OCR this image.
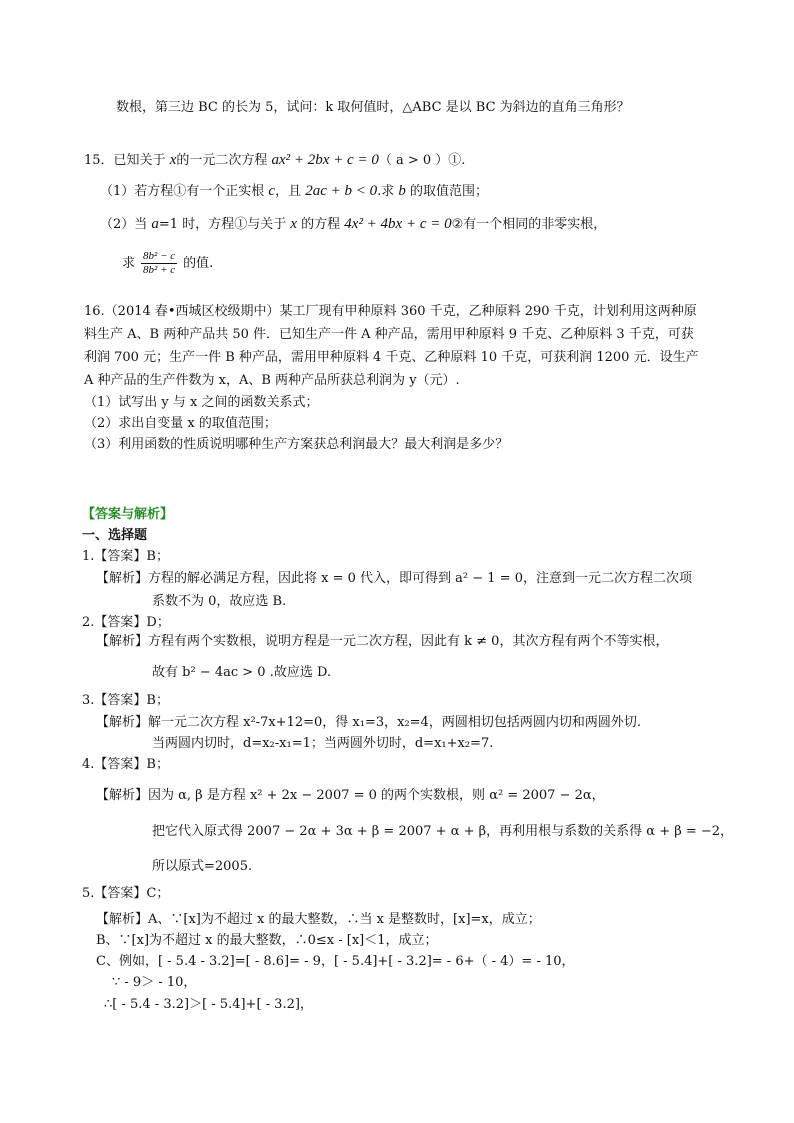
数根，第三边 BC 的长为 5，试问：k 取何值时，△ABC 是以 BC 为斜边的直角三角形？
15．已知关于 x的一元二次方程 ax² + 2bx + c = 0（ a > 0 ）①.
（1）若方程①有一个正实根 c，且 2ac + b < 0.求 b 的取值范围；
（2）当 a=1 时，方程①与关于 x 的方程 4x² + 4bx + c = 0②有一个相同的非零实根，
求 $\frac{\text{8b² − c}}{\text{8b² + c}}$ 的值.
16.（2014 春•西城区校级期中）某工厂现有甲种原料 360 千克，乙种原料 290 千克，计划利用这两种原
料生产 A、B 两种产品共 50 件．已知生产一件 A 种产品，需用甲种原料 9 千克、乙种原料 3 千克，可获
利润 700 元；生产一件 B 种产品，需用甲种原料 4 千克、乙种原料 10 千克，可获利润 1200 元．设生产
A 种产品的生产件数为 x，A、B 两种产品所获总利润为 y（元）.
（1）试写出 y 与 x 之间的函数关系式；
（2）求出自变量 x 的取值范围；
（3）利用函数的性质说明哪种生产方案获总利润最大？最大利润是多少？
【答案与解析】
一、选择题
1.【答案】B；
【解析】方程的解必满足方程，因此将 x = 0 代入，即可得到 a² − 1 = 0，注意到一元二次方程二次项
系数不为 0，故应选 B.
2.【答案】D；
【解析】方程有两个实数根，说明方程是一元二次方程，因此有 k ≠ 0，其次方程有两个不等实根，
故有 b² − 4ac > 0 .故应选 D.
3.【答案】B；
【解析】解一元二次方程 x²-7x+12=0，得 x₁=3，x₂=4，两圆相切包括两圆内切和两圆外切.
当两圆内切时，d=x₂-x₁=1；当两圆外切时，d=x₁+x₂=7.
4.【答案】B；
【解析】因为 α, β 是方程 x² + 2x − 2007 = 0 的两个实数根，则 α² = 2007 − 2α，
把它代入原式得 2007 − 2α + 3α + β = 2007 + α + β，再利用根与系数的关系得 α + β = −2，
所以原式=2005.
5.【答案】C；
【解析】A、∵[x]为不超过 x 的最大整数，∴当 x 是整数时，[x]=x，成立；
B、∵[x]为不超过 x 的最大整数，∴0≤x - [x]＜1，成立；
C、例如，[ - 5.4 - 3.2]=[ - 8.6]= - 9，[ - 5.4]+[ - 3.2]= - 6+（ - 4）= - 10，
∵ - 9＞ - 10，
∴[ - 5.4 - 3.2]＞[ - 5.4]+[ - 3.2]，
